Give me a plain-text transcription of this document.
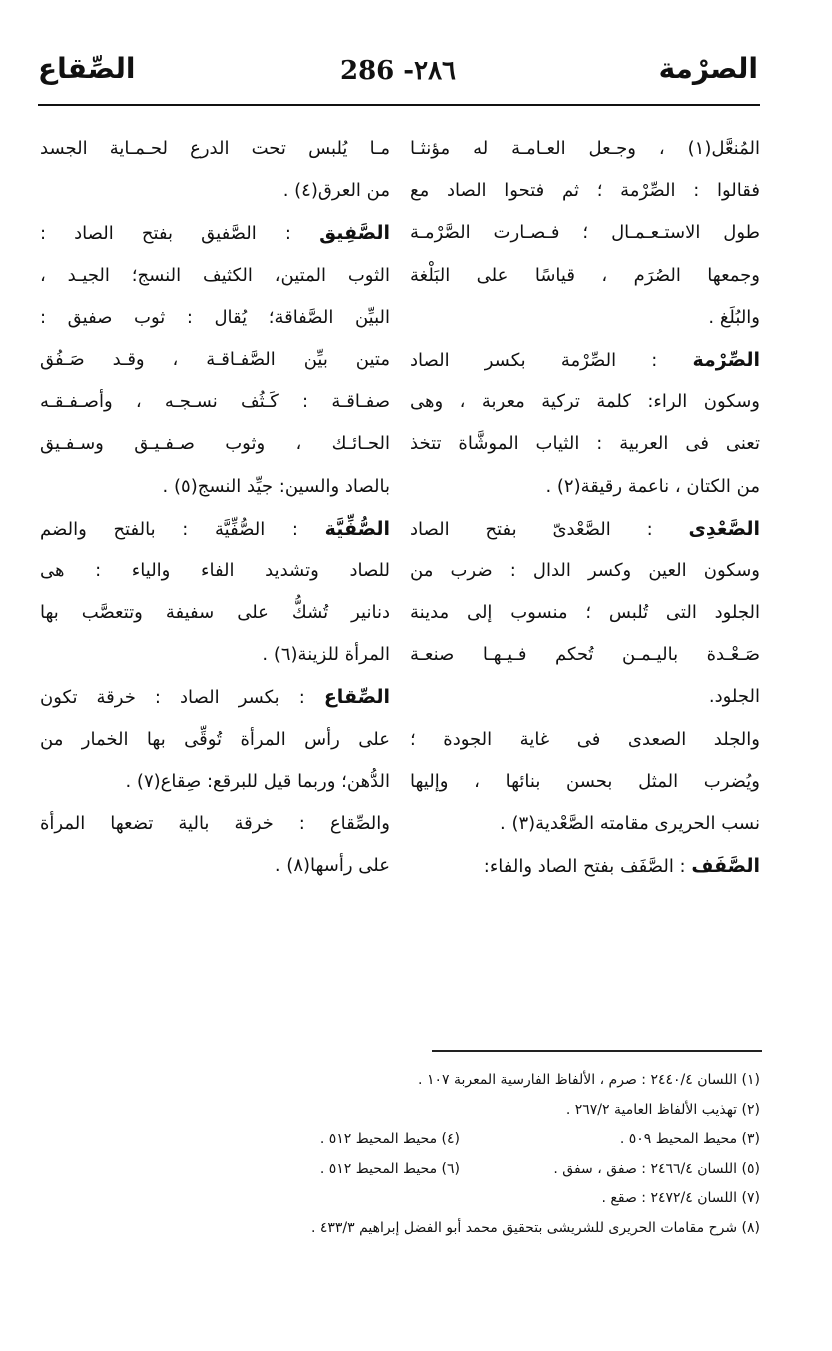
الصرْمة
286 -٢٨٦
الصِّقاع
المُنعَّل(١) ، وجـعل العـامـة له مؤنثـا
فقالوا : الصِّرْمة ؛ ثم فتحوا الصاد مع
طول الاستـعـمـال ؛ فـصـارت الصَّرْمـة
وجمعها الصُرَم ، قياسًا على البَلْغة
والبُلَغ .
الصِّرْمة : الصِّرْمة بكسر الصاد
وسكون الراء: كلمة تركية معربة ، وهى
تعنى فى العربية : الثياب الموشَّاة تتخذ
من الكتان ، ناعمة رقيقة(٢) .
الصَّعْدِى : الصَّعْدىّ بفتح الصاد
وسكون العين وكسر الدال : ضرب من
الجلود التى تُلبس ؛ منسوب إلى مدينة
صَـعْـدة باليـمـن تُحكم فـيـهـا صنعـة
الجلود.
والجلد الصعدى فى غاية الجودة ؛
ويُضرب المثل بحسن بنائها ، وإليها
نسب الحريرى مقامته الصَّعْدية(٣) .
الصَّفَف : الصَّفَف بفتح الصاد والفاء:
مـا يُلبس تحت الدرع لحـمـاية الجسد
من العرق(٤) .
الصَّفِيق : الصَّفيق بفتح الصاد :
الثوب المتين، الكثيف النسج؛ الجيـد ،
البيِّن الصَّفاقة؛ يُقال : ثوب صفيق :
متين بيِّن الصَّفـاقـة ، وقـد صَـفُق
صفـاقـة : كَـثُف نسـجـه ، وأصـفـقـه
الحـائـك ، وثوب صـفـيـق وسـفـيق
بالصاد والسين: جيِّد النسج(٥) .
الصُّفِّيَّة : الصُّفِّيَّة : بالفتح والضم
للصاد وتشديد الفاء والياء : هى
دنانير تُشكُّ على سفيفة وتتعصَّب بها
المرأة للزينة(٦) .
الصِّقاع : بكسر الصاد : خرقة تكون
على رأس المرأة تُوقِّى بها الخمار من
الدُّهن؛ وربما قيل للبرقع: صِقاع(٧) .
والصِّقاع : خرقة بالية تضعها المرأة
على رأسها(٨) .
(١) اللسان ٢٤٤٠/٤ : صرم ، الألفاظ الفارسية المعربة ١٠٧ .
(٢) تهذيب الألفاظ العامية ٢٦٧/٢ .
(٣) محيط المحيط ٥٠٩ .
(٤) محيط المحيط ٥١٢ .
(٥) اللسان ٢٤٦٦/٤ : صفق ، سفق .
(٦) محيط المحيط ٥١٢ .
(٧) اللسان ٢٤٧٢/٤ : صقع .
(٨) شرح مقامات الحريرى للشريشى بتحقيق محمد أبو الفضل إبراهيم ٤٣٣/٣ .
